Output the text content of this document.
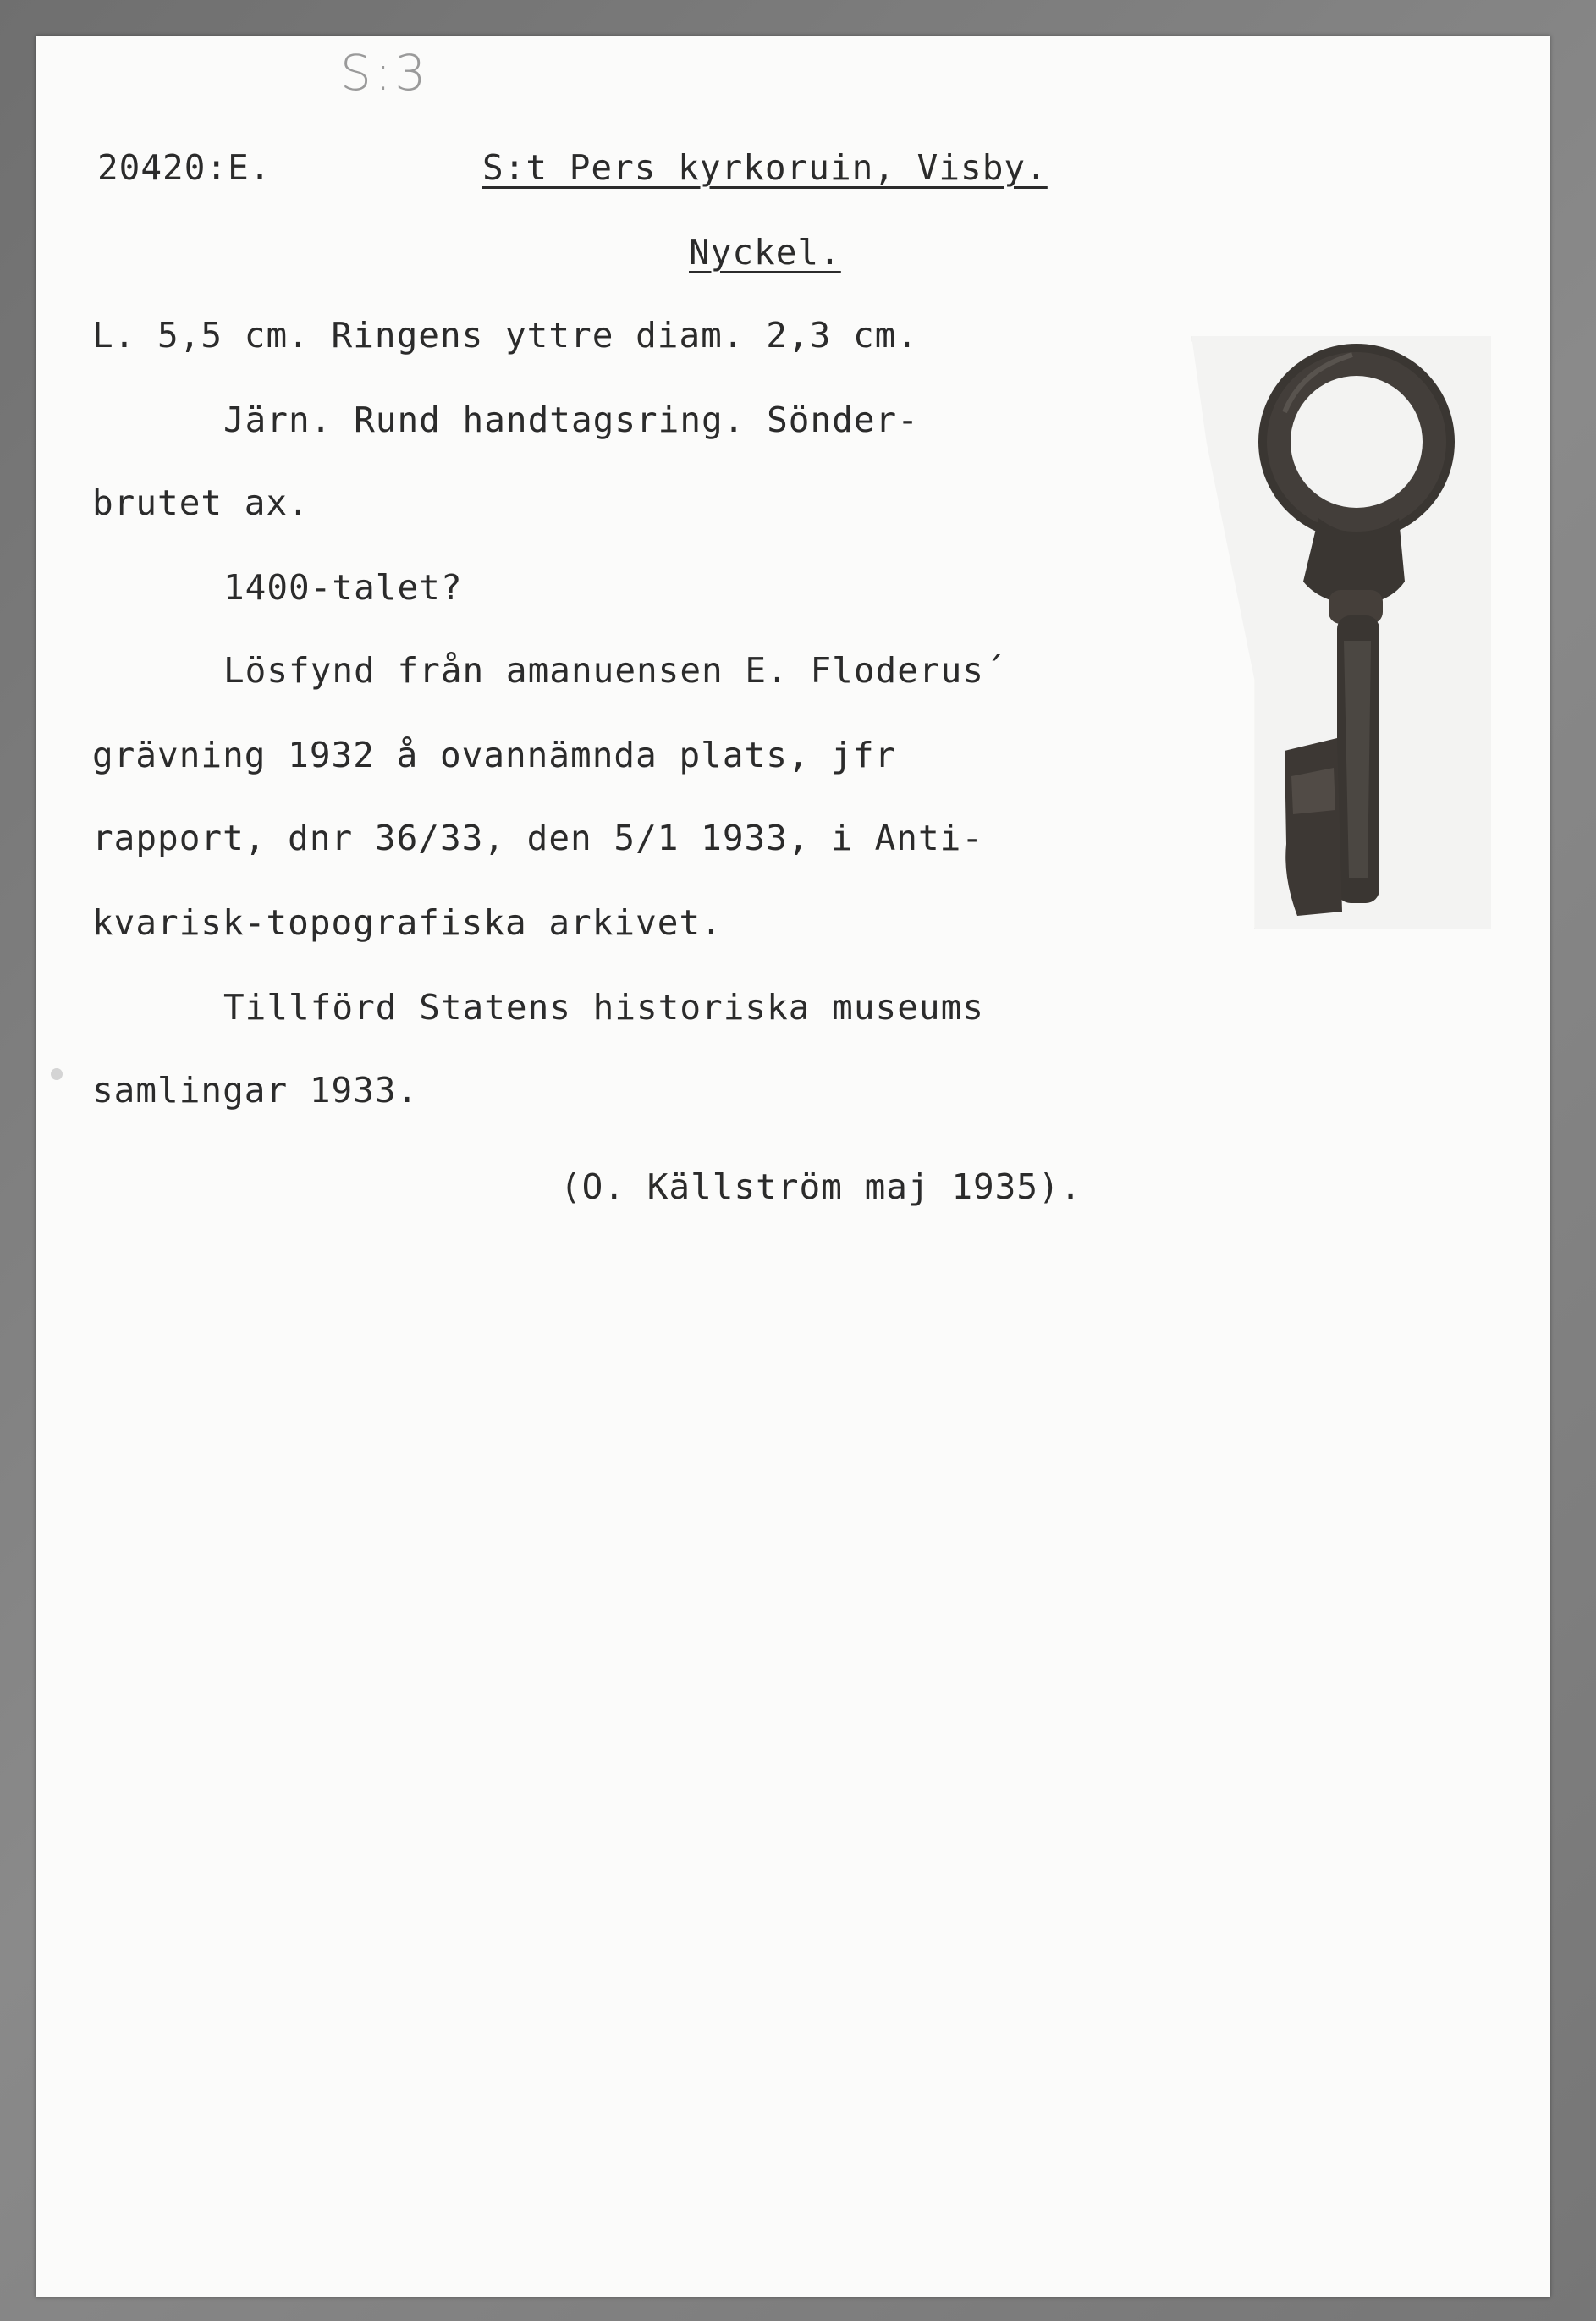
S:3
20420:E.	S:t Pers kyrkoruin, Visby.
Nyckel.
L. 5,5 cm. Ringens yttre diam. 2,3 cm.
Järn. Rund handtagsring. Sönder-
brutet ax.
1400-talet?
Lösfynd från amanuensen E. Floderus´
grävning 1932 å ovannämnda plats, jfr
rapport, dnr 36/33, den 5/1 1933, i Anti-
kvarisk-topografiska arkivet.
Tillförd Statens historiska museums
samlingar 1933.
(O. Källström maj 1935).
